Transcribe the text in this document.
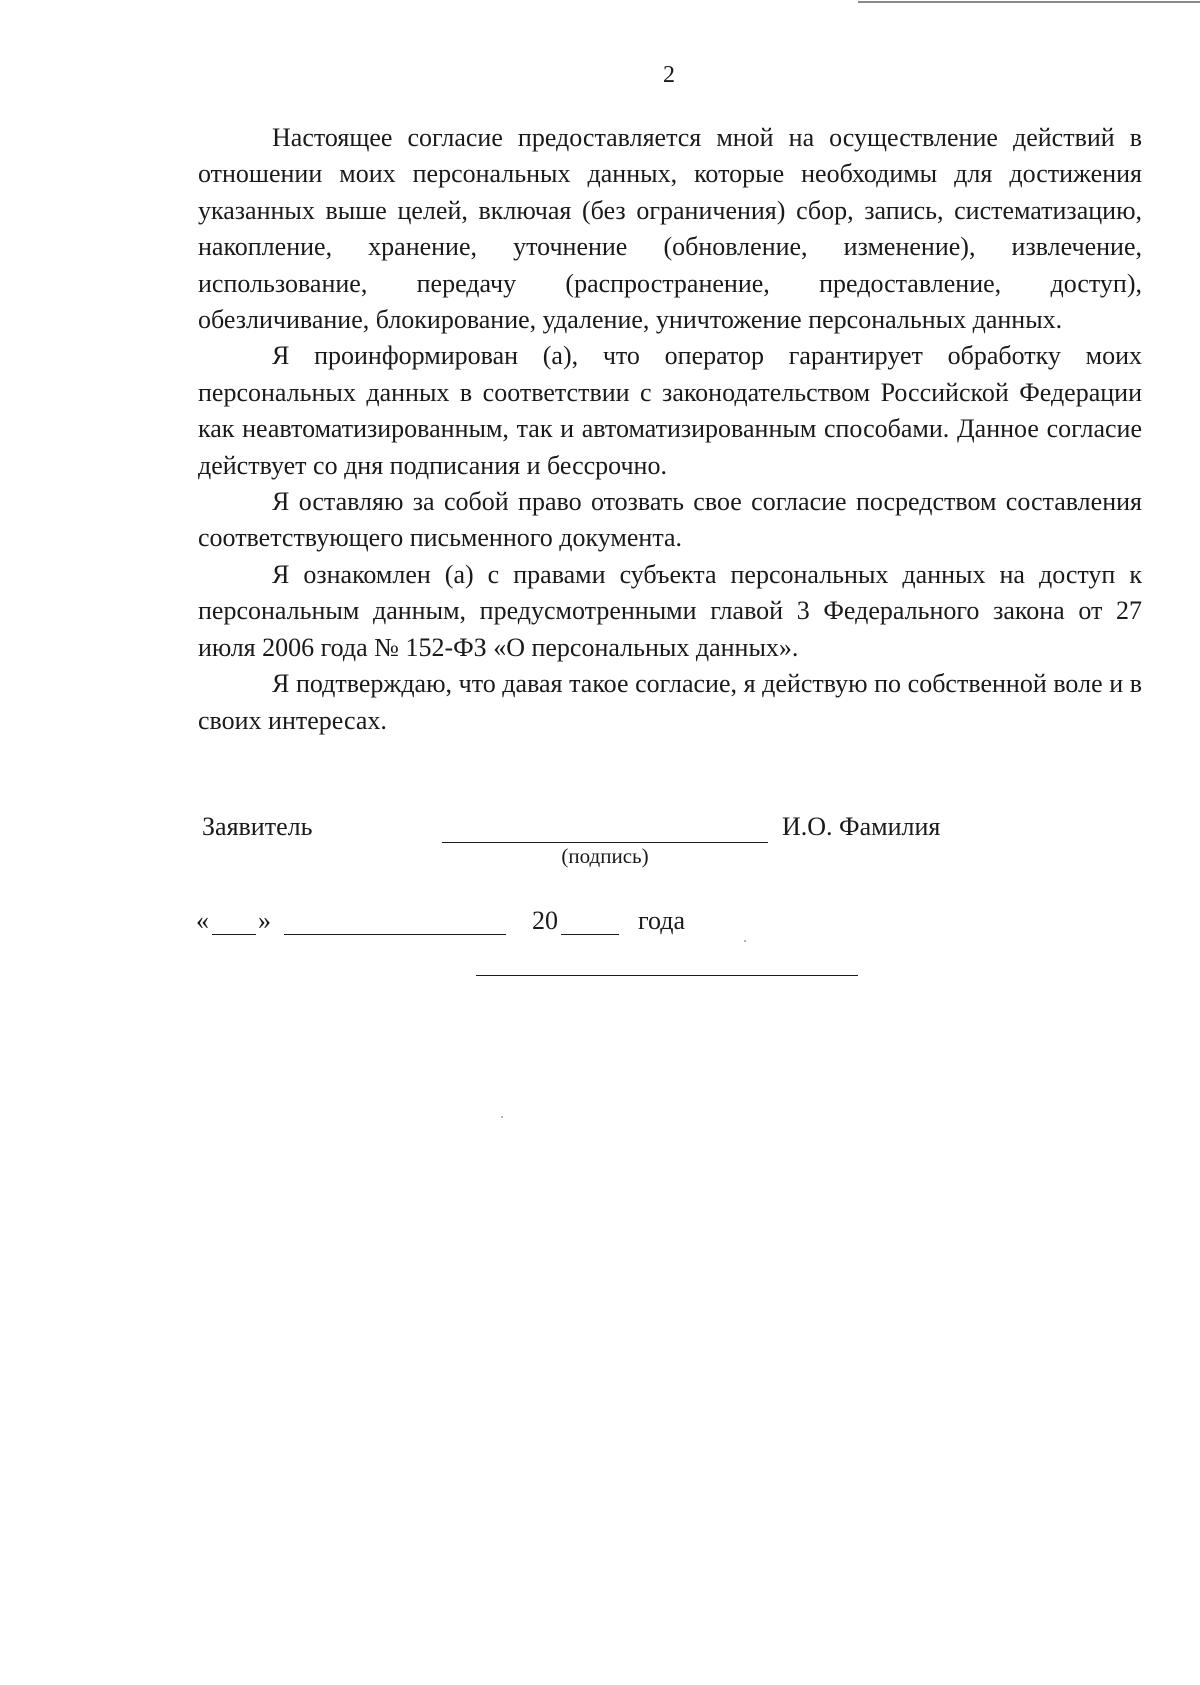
2

Настоящее согласие предоставляется мной на осуществление действий в отношении моих персональных данных, которые необходимы для достижения указанных выше целей, включая (без ограничения) сбор, запись, систематизацию, накопление, хранение, уточнение (обновление, изменение), извлечение, использование, передачу (распространение, предоставление, доступ), обезличивание, блокирование, удаление, уничтожение персональных данных.

Я проинформирован (а), что оператор гарантирует обработку моих персональных данных в соответствии с законодательством Российской Федерации как неавтоматизированным, так и автоматизированным способами. Данное согласие действует со дня подписания и бессрочно.

Я оставляю за собой право отозвать свое согласие посредством составления соответствующего письменного документа.

Я ознакомлен (а) с правами субъекта персональных данных на доступ к персональным данным, предусмотренными главой 3 Федерального закона от 27 июля 2006 года № 152-ФЗ «О персональных данных».

Я подтверждаю, что давая такое согласие, я действую по собственной воле и в своих интересах.

Заявитель
(подпись)
И.О. Фамилия
« »	20	года
